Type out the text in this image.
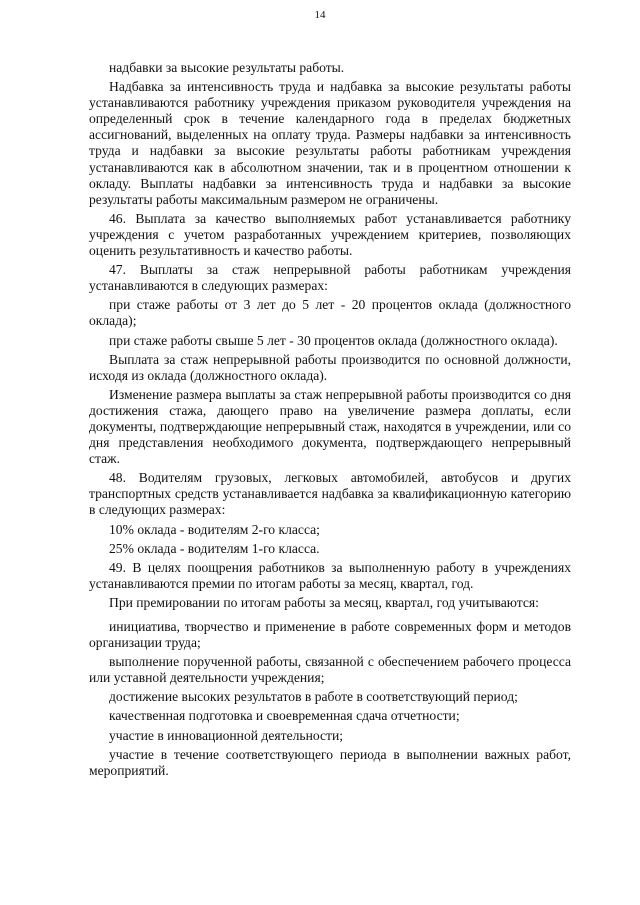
14

надбавки за высокие результаты работы.

Надбавка за интенсивность труда и надбавка за высокие результаты работы устанавливаются работнику учреждения приказом руководителя учреждения на определенный срок в течение календарного года в пределах бюджетных ассигнований, выделенных на оплату труда. Размеры надбавки за интенсивность труда и надбавки за высокие результаты работы работникам учреждения устанавливаются как в абсолютном значении, так и в процентном отношении к окладу. Выплаты надбавки за интенсивность труда и надбавки за высокие результаты работы максимальным размером не ограничены.

46. Выплата за качество выполняемых работ устанавливается работнику учреждения с учетом разработанных учреждением критериев, позволяющих оценить результативность и качество работы.

47. Выплаты за стаж непрерывной работы работникам учреждения устанавливаются в следующих размерах:

при стаже работы от 3 лет до 5 лет - 20 процентов оклада (должностного оклада);

при стаже работы свыше 5 лет - 30 процентов оклада (должностного оклада).

Выплата за стаж непрерывной работы производится по основной должности, исходя из оклада (должностного оклада).

Изменение размера выплаты за стаж непрерывной работы производится со дня достижения стажа, дающего право на увеличение размера доплаты, если документы, подтверждающие непрерывный стаж, находятся в учреждении, или со дня представления необходимого документа, подтверждающего непрерывный стаж.

48. Водителям грузовых, легковых автомобилей, автобусов и других транспортных средств устанавливается надбавка за квалификационную категорию в следующих размерах:

10% оклада - водителям 2-го класса;

25% оклада - водителям 1-го класса.

49. В целях поощрения работников за выполненную работу в учреждениях устанавливаются премии по итогам работы за месяц, квартал, год.

При премировании по итогам работы за месяц, квартал, год учитываются:

инициатива, творчество и применение в работе современных форм и методов организации труда;

выполнение порученной работы, связанной с обеспечением рабочего процесса или уставной деятельности учреждения;

достижение высоких результатов в работе в соответствующий период;

качественная подготовка и своевременная сдача отчетности;

участие в инновационной деятельности;

участие в течение соответствующего периода в выполнении важных работ, мероприятий.
